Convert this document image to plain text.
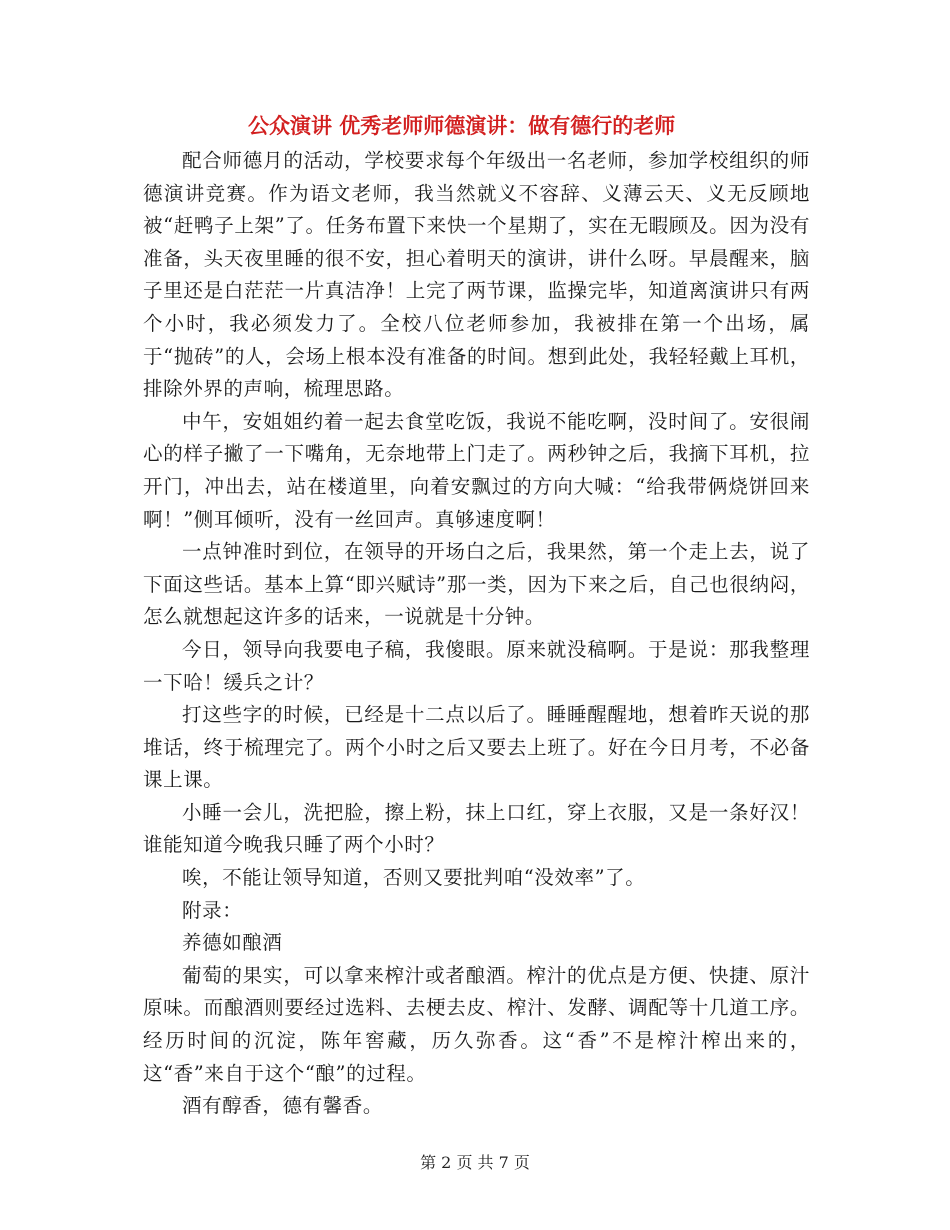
公众演讲 优秀老师师德演讲：做有德行的老师

配合师德月的活动，学校要求每个年级出一名老师，参加学校组织的师德演讲竞赛。作为语文老师，我当然就义不容辞、义薄云天、义无反顾地被“赶鸭子上架”了。任务布置下来快一个星期了，实在无暇顾及。因为没有准备，头天夜里睡的很不安，担心着明天的演讲，讲什么呀。早晨醒来，脑子里还是白茫茫一片真洁净！上完了两节课，监操完毕，知道离演讲只有两个小时，我必须发力了。全校八位老师参加，我被排在第一个出场，属于“抛砖”的人，会场上根本没有准备的时间。想到此处，我轻轻戴上耳机，排除外界的声响，梳理思路。

中午，安姐姐约着一起去食堂吃饭，我说不能吃啊，没时间了。安很闹心的样子撇了一下嘴角，无奈地带上门走了。两秒钟之后，我摘下耳机，拉开门，冲出去，站在楼道里，向着安飘过的方向大喊：“给我带俩烧饼回来啊！”侧耳倾听，没有一丝回声。真够速度啊！

一点钟准时到位，在领导的开场白之后，我果然，第一个走上去，说了下面这些话。基本上算“即兴赋诗”那一类，因为下来之后，自己也很纳闷，怎么就想起这许多的话来，一说就是十分钟。

今日，领导向我要电子稿，我傻眼。原来就没稿啊。于是说：那我整理一下哈！缓兵之计？

打这些字的时候，已经是十二点以后了。睡睡醒醒地，想着昨天说的那堆话，终于梳理完了。两个小时之后又要去上班了。好在今日月考，不必备课上课。

小睡一会儿，洗把脸，擦上粉，抹上口红，穿上衣服，又是一条好汉！谁能知道今晚我只睡了两个小时？

唉，不能让领导知道，否则又要批判咱“没效率”了。

附录：

养德如酿酒

葡萄的果实，可以拿来榨汁或者酿酒。榨汁的优点是方便、快捷、原汁原味。而酿酒则要经过选料、去梗去皮、榨汁、发酵、调配等十几道工序。经历时间的沉淀，陈年窖藏，历久弥香。这“香”不是榨汁榨出来的，这“香”来自于这个“酿”的过程。

酒有醇香，德有馨香。

第 2 页 共 7 页
